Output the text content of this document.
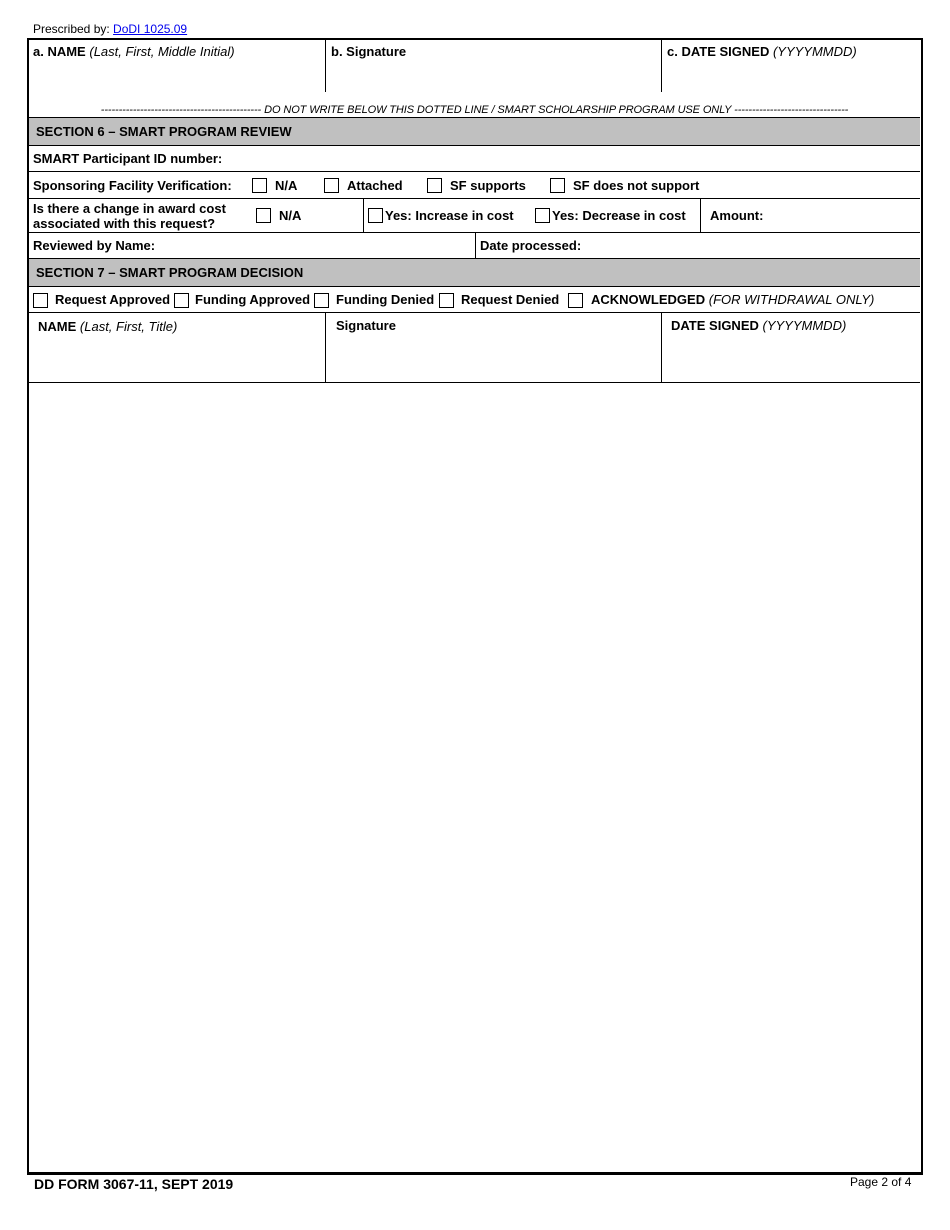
Prescribed by: DoDI 1025.09
a. NAME (Last, First, Middle Initial)	b. Signature	c. DATE SIGNED (YYYYMMDD)
--------------------------------------------- DO NOT WRITE BELOW THIS DOTTED LINE / SMART SCHOLARSHIP PROGRAM USE ONLY --------------------------------
SECTION 6 – SMART PROGRAM REVIEW
SMART Participant ID number:
Sponsoring Facility Verification:	N/A	Attached	SF supports	SF does not support
Is there a change in award cost
associated with this request?
N/A	Yes: Increase in cost	Yes: Decrease in cost Amount:
Reviewed by Name:	Date processed:
SECTION 7 – SMART PROGRAM DECISION
Request Approved Funding Approved Funding Denied Request Denied ACKNOWLEDGED (FOR WITHDRAWAL ONLY)
NAME (Last, First, Title)	Signature	DATE SIGNED (YYYYMMDD)
DD FORM 3067-11, SEPT 2019	Page 2 of 4
